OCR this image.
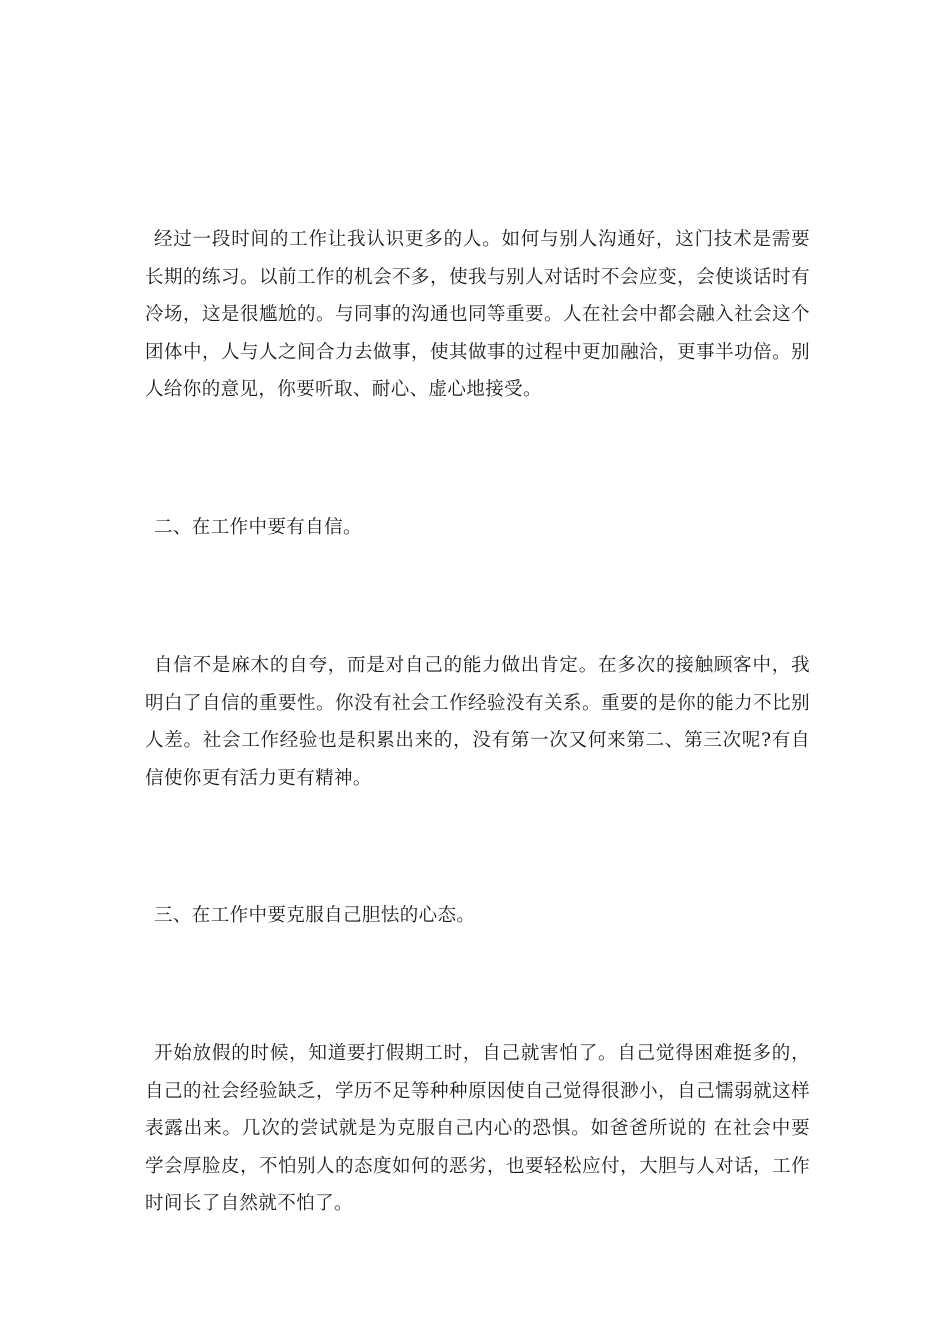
经过一段时间的工作让我认识更多的人。如何与别人沟通好，这门技术是需要长期的练习。以前工作的机会不多，使我与别人对话时不会应变，会使谈话时有冷场，这是很尴尬的。与同事的沟通也同等重要。人在社会中都会融入社会这个团体中，人与人之间合力去做事，使其做事的过程中更加融洽，更事半功倍。别人给你的意见，你要听取、耐心、虚心地接受。

二、在工作中要有自信。

自信不是麻木的自夸，而是对自己的能力做出肯定。在多次的接触顾客中，我明白了自信的重要性。你没有社会工作经验没有关系。重要的是你的能力不比别人差。社会工作经验也是积累出来的，没有第一次又何来第二、第三次呢?有自信使你更有活力更有精神。

三、在工作中要克服自己胆怯的心态。

开始放假的时候，知道要打假期工时，自己就害怕了。自己觉得困难挺多的，自己的社会经验缺乏，学历不足等种种原因使自己觉得很渺小，自己懦弱就这样表露出来。几次的尝试就是为克服自己内心的恐惧。如爸爸所说的 在社会中要学会厚脸皮，不怕别人的态度如何的恶劣，也要轻松应付，大胆与人对话，工作时间长了自然就不怕了。
